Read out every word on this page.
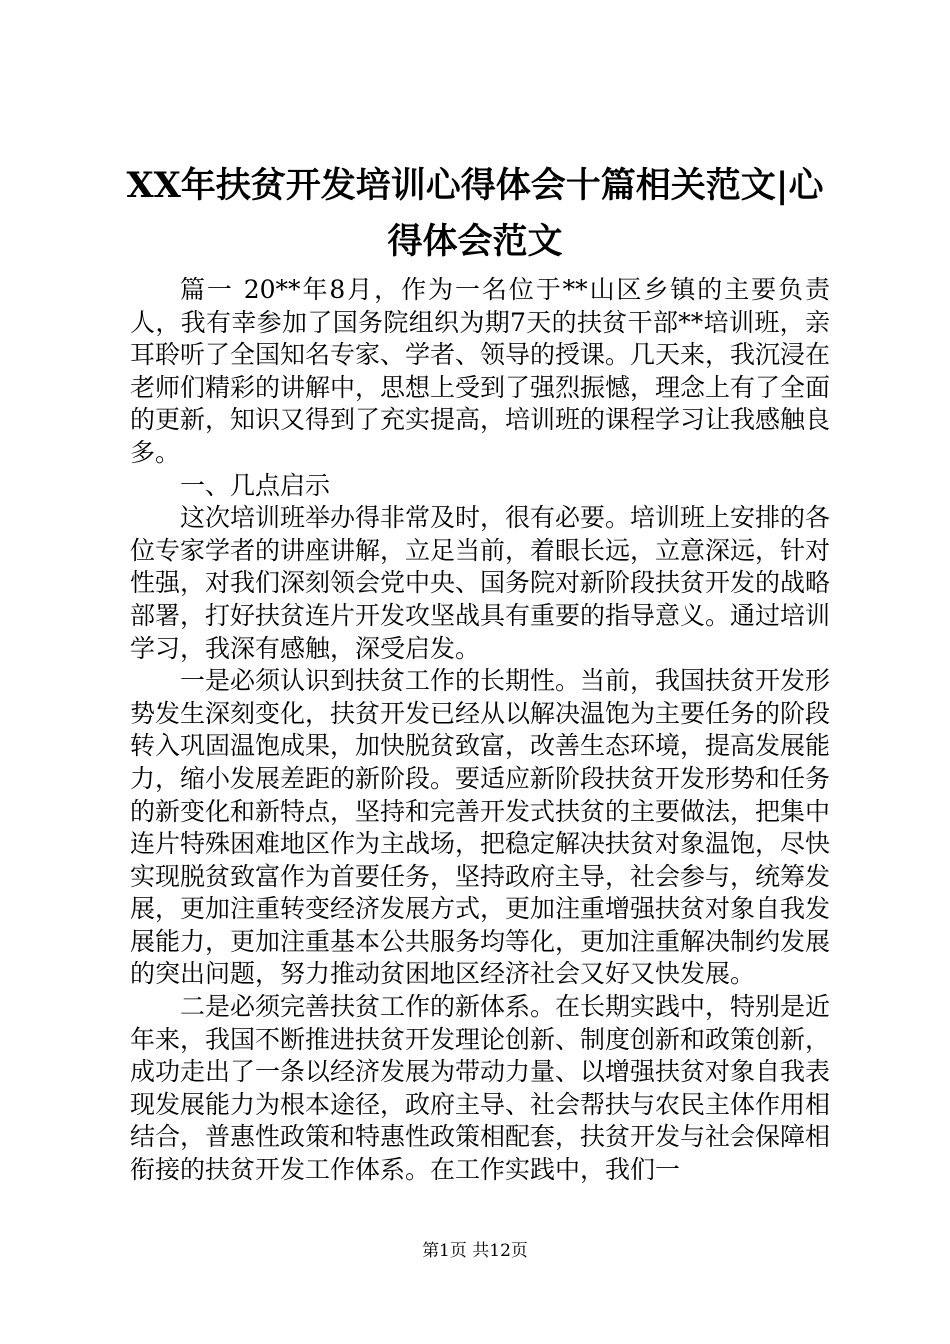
XX年扶贫开发培训心得体会十篇相关范文|心得体会范文

篇一 20**年8月，作为一名位于**山区乡镇的主要负责人，我有幸参加了国务院组织为期7天的扶贫干部**培训班，亲耳聆听了全国知名专家、学者、领导的授课。几天来，我沉浸在老师们精彩的讲解中，思想上受到了强烈振憾，理念上有了全面的更新，知识又得到了充实提高，培训班的课程学习让我感触良多。

一、几点启示

这次培训班举办得非常及时，很有必要。培训班上安排的各位专家学者的讲座讲解，立足当前，着眼长远，立意深远，针对性强，对我们深刻领会党中央、国务院对新阶段扶贫开发的战略部署，打好扶贫连片开发攻坚战具有重要的指导意义。通过培训学习，我深有感触，深受启发。

一是必须认识到扶贫工作的长期性。当前，我国扶贫开发形势发生深刻变化，扶贫开发已经从以解决温饱为主要任务的阶段转入巩固温饱成果，加快脱贫致富，改善生态环境，提高发展能力，缩小发展差距的新阶段。要适应新阶段扶贫开发形势和任务的新变化和新特点，坚持和完善开发式扶贫的主要做法，把集中连片特殊困难地区作为主战场，把稳定解决扶贫对象温饱，尽快实现脱贫致富作为首要任务，坚持政府主导，社会参与，统筹发展，更加注重转变经济发展方式，更加注重增强扶贫对象自我发展能力，更加注重基本公共服务均等化，更加注重解决制约发展的突出问题，努力推动贫困地区经济社会又好又快发展。

二是必须完善扶贫工作的新体系。在长期实践中，特别是近年来，我国不断推进扶贫开发理论创新、制度创新和政策创新，成功走出了一条以经济发展为带动力量、以增强扶贫对象自我表现发展能力为根本途径，政府主导、社会帮扶与农民主体作用相结合，普惠性政策和特惠性政策相配套，扶贫开发与社会保障相衔接的扶贫开发工作体系。在工作实践中，我们一

第1页 共12页
